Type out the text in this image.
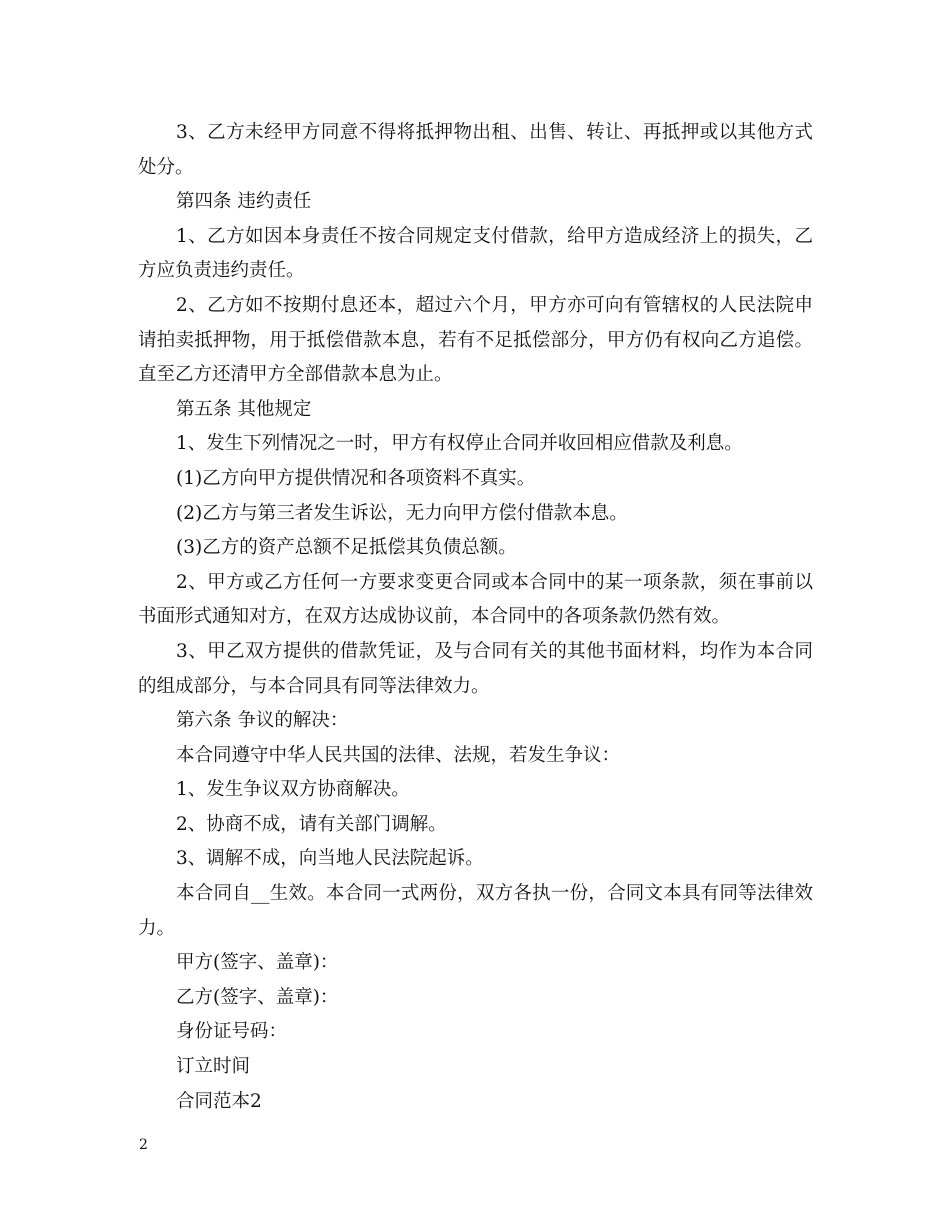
3、乙方未经甲方同意不得将抵押物出租、出售、转让、再抵押或以其他方式处分。

第四条 违约责任

1、乙方如因本身责任不按合同规定支付借款，给甲方造成经济上的损失，乙方应负责违约责任。

2、乙方如不按期付息还本，超过六个月，甲方亦可向有管辖权的人民法院申请拍卖抵押物，用于抵偿借款本息，若有不足抵偿部分，甲方仍有权向乙方追偿。直至乙方还清甲方全部借款本息为止。

第五条 其他规定

1、发生下列情况之一时，甲方有权停止合同并收回相应借款及利息。

(1)乙方向甲方提供情况和各项资料不真实。

(2)乙方与第三者发生诉讼，无力向甲方偿付借款本息。

(3)乙方的资产总额不足抵偿其负债总额。

2、甲方或乙方任何一方要求变更合同或本合同中的某一项条款，须在事前以书面形式通知对方，在双方达成协议前，本合同中的各项条款仍然有效。

3、甲乙双方提供的借款凭证，及与合同有关的其他书面材料，均作为本合同的组成部分，与本合同具有同等法律效力。

第六条 争议的解决：

本合同遵守中华人民共国的法律、法规，若发生争议：

1、发生争议双方协商解决。

2、协商不成，请有关部门调解。

3、调解不成，向当地人民法院起诉。

本合同自__生效。本合同一式两份，双方各执一份，合同文本具有同等法律效力。

甲方(签字、盖章)：

乙方(签字、盖章)：

身份证号码：

订立时间

合同范本2

2
